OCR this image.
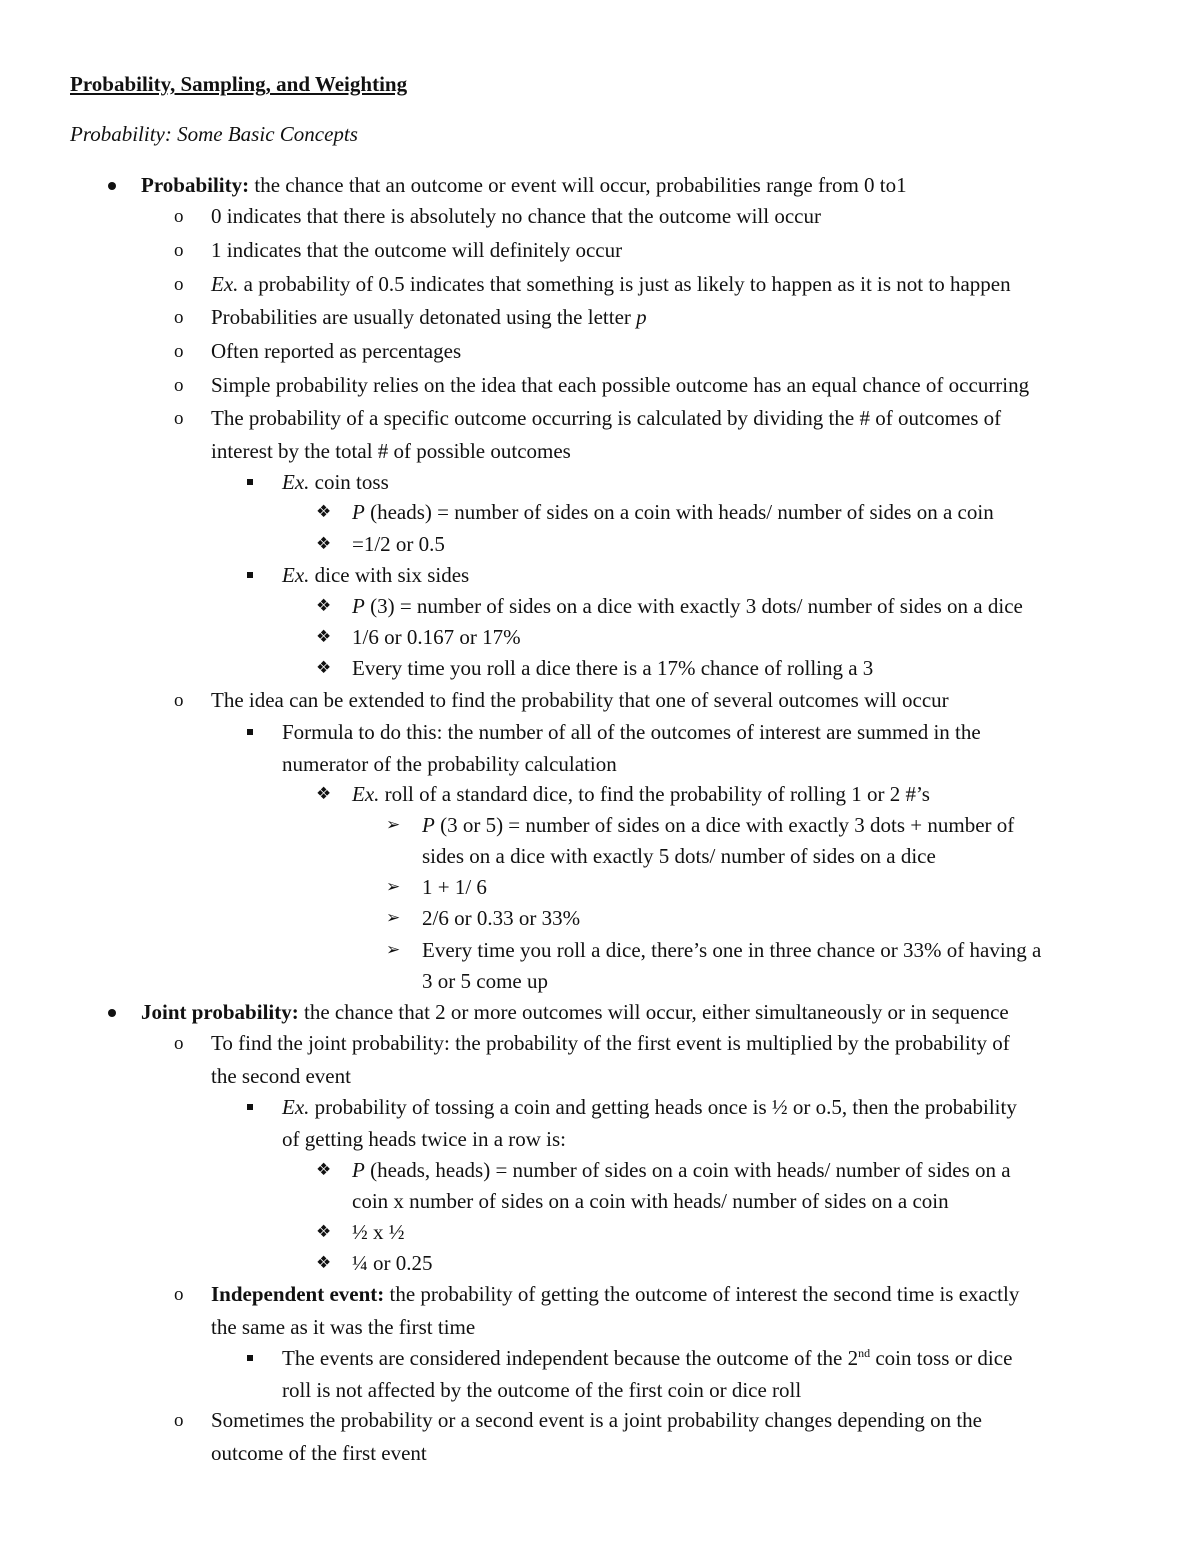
Probability, Sampling, and Weighting
Probability: Some Basic Concepts
Probability: the chance that an outcome or event will occur, probabilities range from 0 to1
o 0 indicates that there is absolutely no chance that the outcome will occur
o 1 indicates that the outcome will definitely occur
o Ex. a probability of 0.5 indicates that something is just as likely to happen as it is not to happen
o Probabilities are usually detonated using the letter p
o Often reported as percentages
o Simple probability relies on the idea that each possible outcome has an equal chance of occurring
o The probability of a specific outcome occurring is calculated by dividing the # of outcomes of
interest by the total # of possible outcomes
Ex. coin toss
❖ P (heads) = number of sides on a coin with heads/ number of sides on a coin
❖ =1/2 or 0.5
Ex. dice with six sides
❖ P (3) = number of sides on a dice with exactly 3 dots/ number of sides on a dice
❖ 1/6 or 0.167 or 17%
❖ Every time you roll a dice there is a 17% chance of rolling a 3
o The idea can be extended to find the probability that one of several outcomes will occur
Formula to do this: the number of all of the outcomes of interest are summed in the
numerator of the probability calculation
❖ Ex. roll of a standard dice, to find the probability of rolling 1 or 2 #’s
➢ P (3 or 5) = number of sides on a dice with exactly 3 dots + number of
sides on a dice with exactly 5 dots/ number of sides on a dice
➢ 1 + 1/ 6
➢ 2/6 or 0.33 or 33%
➢ Every time you roll a dice, there’s one in three chance or 33% of having a
3 or 5 come up
Joint probability: the chance that 2 or more outcomes will occur, either simultaneously or in sequence
o To find the joint probability: the probability of the first event is multiplied by the probability of
the second event
Ex. probability of tossing a coin and getting heads once is ½ or o.5, then the probability
of getting heads twice in a row is:
❖ P (heads, heads) = number of sides on a coin with heads/ number of sides on a
coin x number of sides on a coin with heads/ number of sides on a coin
❖ ½ x ½
❖ ¼ or 0.25
o Independent event: the probability of getting the outcome of interest the second time is exactly
the same as it was the first time
The events are considered independent because the outcome of the 2nd coin toss or dice
roll is not affected by the outcome of the first coin or dice roll
o Sometimes the probability or a second event is a joint probability changes depending on the
outcome of the first event
